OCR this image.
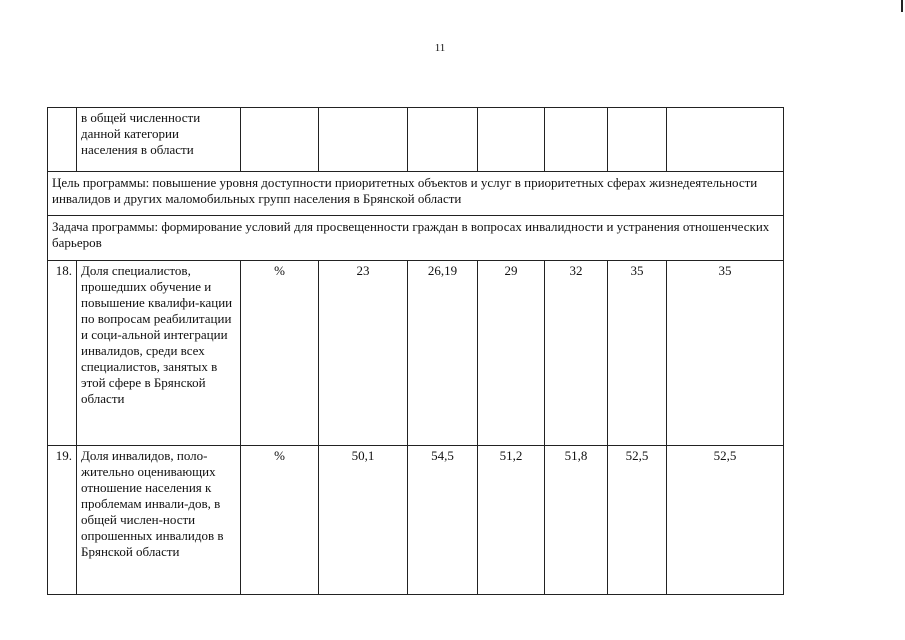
11
	в общей численности данной категории населения в области							
Цель программы: повышение уровня доступности приоритетных объектов и услуг в приоритетных сферах жизнедеятельности инвалидов и других маломобильных групп населения в Брянской области								
Задача программы: формирование условий для просвещенности граждан в вопросах инвалидности и устранения отношенческих барьеров								
18.	Доля специалистов, прошедших обучение и повышение квалифи-кации по вопросам реабилитации и соци-альной интеграции инвалидов, среди всех специалистов, занятых в этой сфере в Брянской области	%	23	26,19	29	32	35	35
19.	Доля инвалидов, поло-жительно оценивающих отношение населения к проблемам инвали-дов, в общей числен-ности опрошенных инвалидов в Брянской области	%	50,1	54,5	51,2	51,8	52,5	52,5
